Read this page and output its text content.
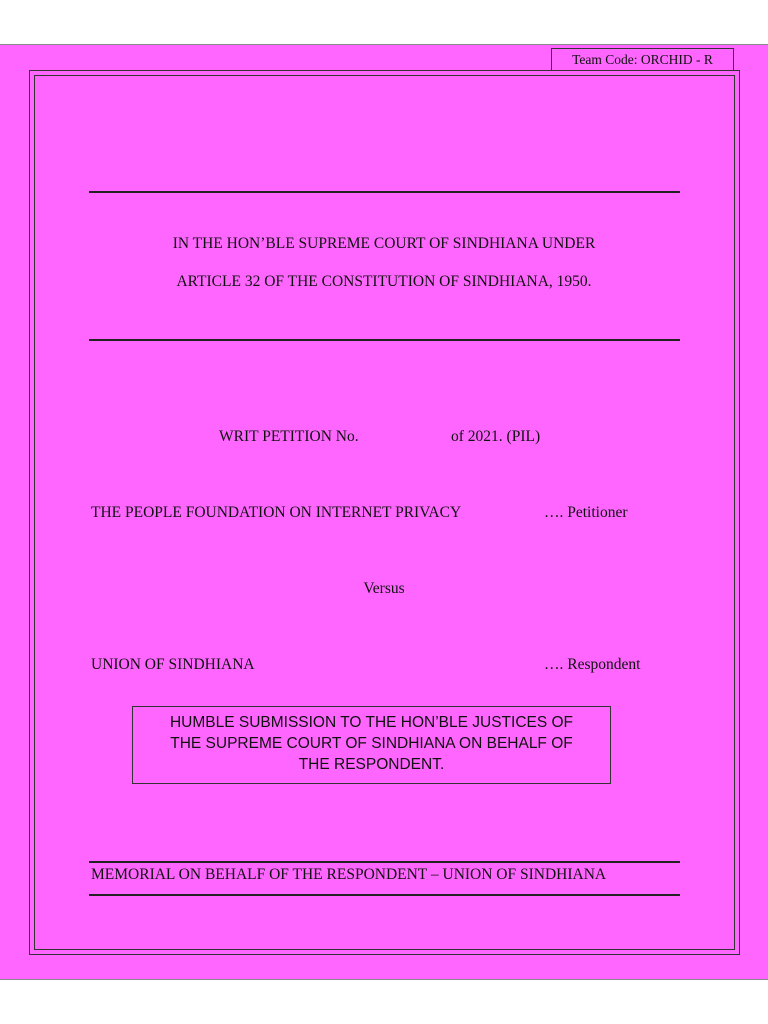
Team Code: ORCHID - R
IN THE HON’BLE SUPREME COURT OF SINDHIANA UNDER
ARTICLE 32 OF THE CONSTITUTION OF SINDHIANA, 1950.
WRIT PETITION No.	of 2021. (PIL)
THE PEOPLE FOUNDATION ON INTERNET PRIVACY	…. Petitioner
Versus
UNION OF SINDHIANA	…. Respondent
HUMBLE SUBMISSION TO THE HON’BLE JUSTICES OF
THE SUPREME COURT OF SINDHIANA ON BEHALF OF
THE RESPONDENT.
MEMORIAL ON BEHALF OF THE RESPONDENT – UNION OF SINDHIANA
